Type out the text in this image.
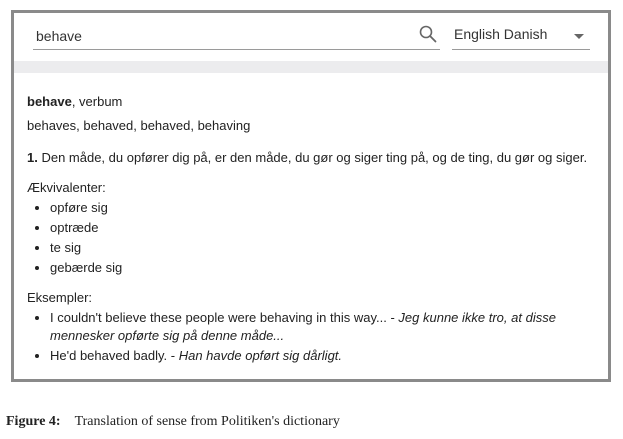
behave
English Danish

behave, verbum

behaves, behaved, behaved, behaving

1. Den måde, du opfører dig på, er den måde, du gør og siger ting på, og de ting, du gør og siger.

Ækvivalenter:

• opføre sig
• optræde
• te sig
• gebærde sig

Eksempler:

• I couldn't believe these people were behaving in this way... - Jeg kunne ikke tro, at disse mennesker opførte sig på denne måde...
• He'd behaved badly. - Han havde opført sig dårligt.
Figure 4: Translation of sense from Politiken's dictionary
